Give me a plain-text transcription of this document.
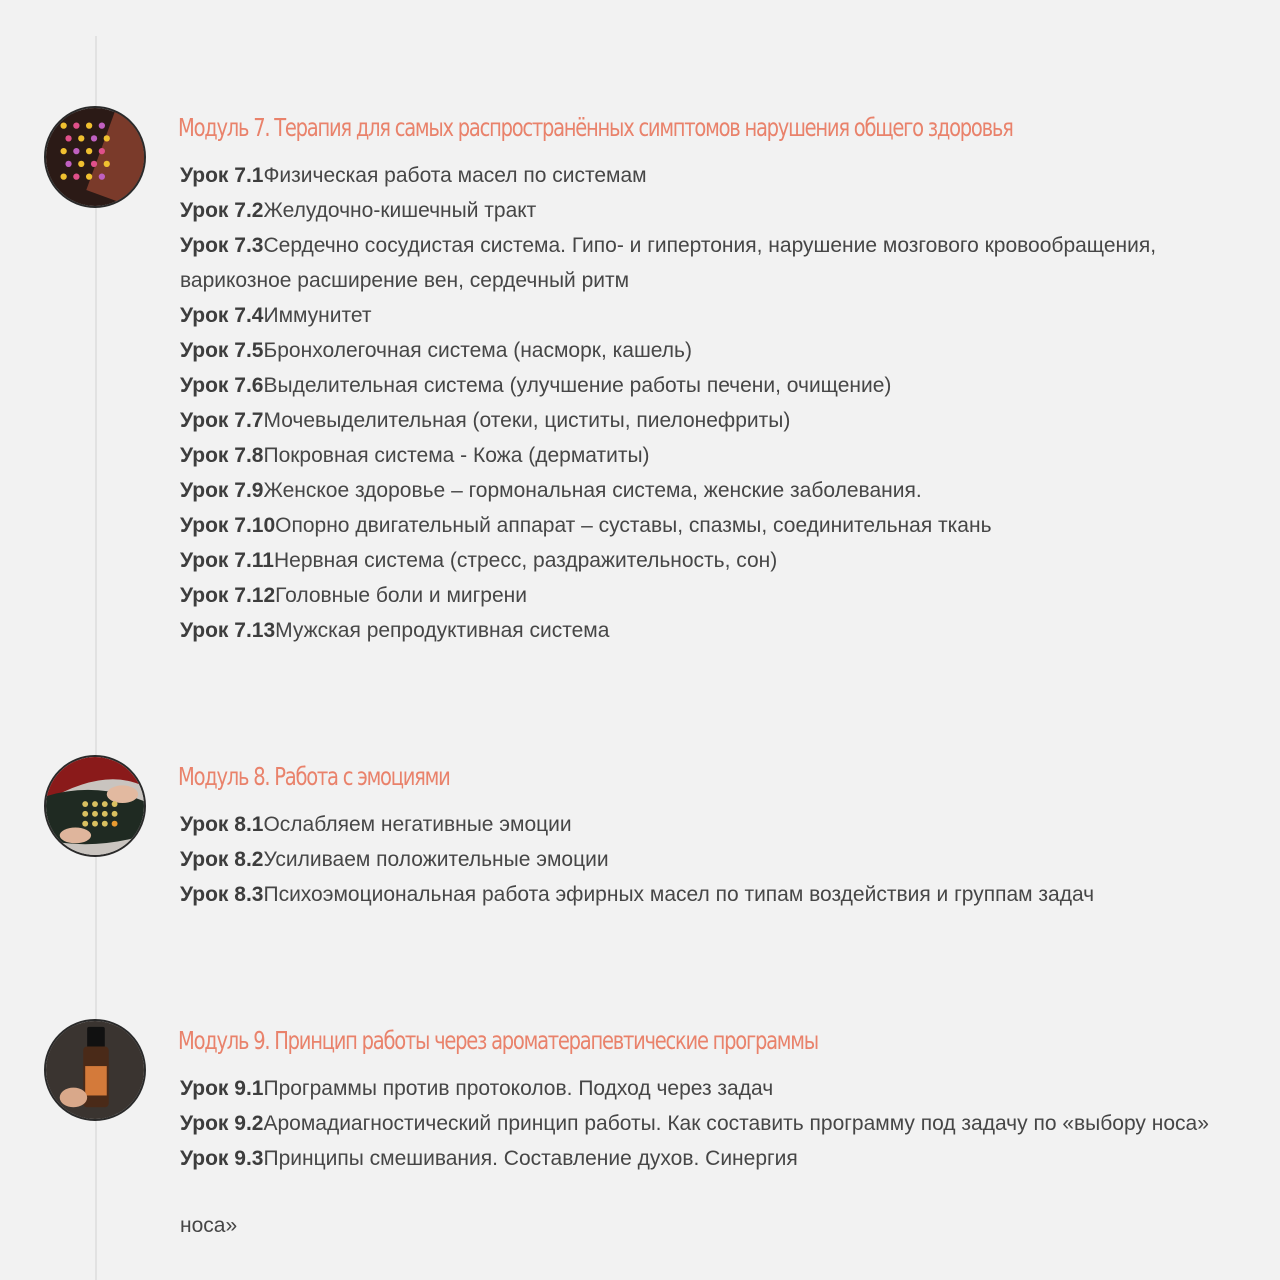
Модуль 7. Терапия для самых распространённых симптомов нарушения общего здоровья
Урок 7.1Физическая работа масел по системам
Урок 7.2Желудочно-кишечный тракт
Урок 7.3Сердечно сосудистая система. Гипо- и гипертония, нарушение мозгового кровообращения, варикозное расширение вен, сердечный ритм
Урок 7.4Иммунитет
Урок 7.5Бронхолегочная система (насморк, кашель)
Урок 7.6Выделительная система (улучшение работы печени, очищение)
Урок 7.7Мочевыделительная (отеки, циститы, пиелонефриты)
Урок 7.8Покровная система - Кожа (дерматиты)
Урок 7.9Женское здоровье – гормональная система, женские заболевания.
Урок 7.10Опорно двигательный аппарат – суставы, спазмы, соединительная ткань
Урок 7.11Нервная система (стресс, раздражительность, сон)
Урок 7.12Головные боли и мигрени
Урок 7.13Мужская репродуктивная система
Модуль 8. Работа с эмоциями
Урок 8.1Ослабляем негативные эмоции
Урок 8.2Усиливаем положительные эмоции
Урок 8.3Психоэмоциональная работа эфирных масел по типам воздействия и группам задач
Модуль 9. Принцип работы через ароматерапевтические программы
Урок 9.1Программы против протоколов. Подход через задач
Урок 9.2Аромадиагностический принцип работы. Как составить программу под задачу по «выбору носа»
Урок 9.3Принципы смешивания. Составление духов. Синергия
носа»
